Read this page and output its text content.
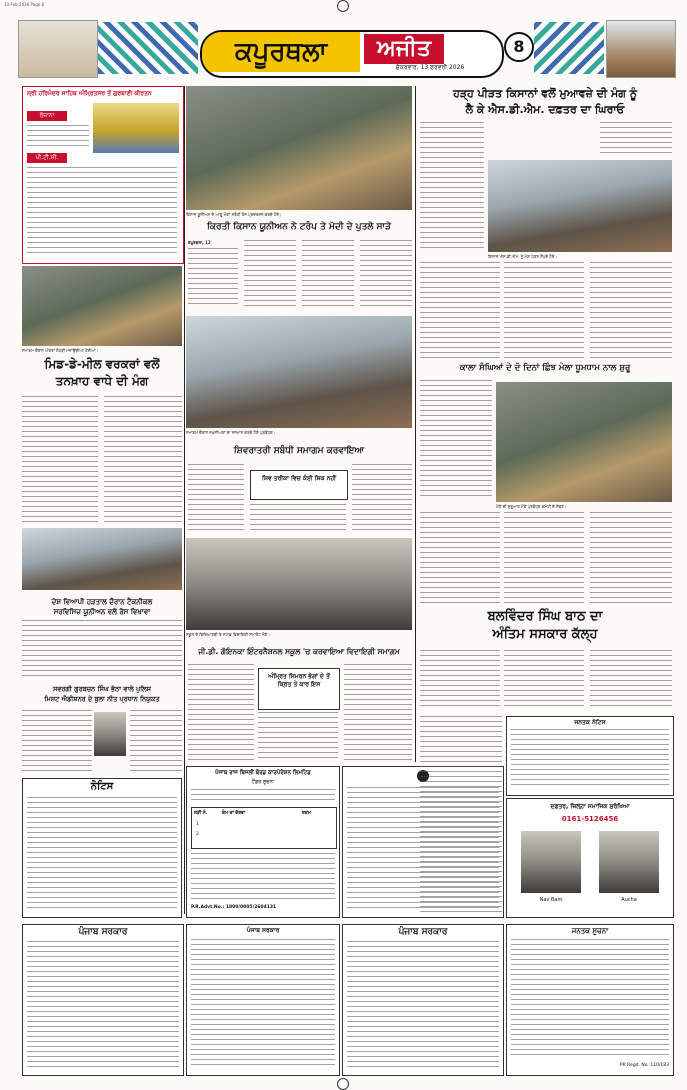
13-Feb-2026 Page 8
ਕਪੂਰਥਲਾ	ਅਜੀਤ
ਸ਼ੁੱਕਰਵਾਰ, 13 ਫਰਵਰੀ 2026
8
ਸ੍ਰੀ ਹਰਿਮੰਦਰ ਸਾਹਿਬ ਅੰਮ੍ਰਿਤਸਰ ਤੋਂ ਗੁਰਬਾਣੀ ਕੀਰਤਨ
ਰੋਜ਼ਾਨਾ
ਪੀ.ਟੀ.ਸੀ.
ਸਮਾਗਮ ਦੌਰਾਨ ਔਰਤਾਂ ਲੋਹੜੀ ਮਨਾਉਂਦੀਆਂ ਹੋਈਆਂ।
ਮਿਡ-ਡੇ-ਮੀਲ ਵਰਕਰਾਂ ਵਲੋਂ
ਤਨਖ਼ਾਹ ਵਾਧੇ ਦੀ ਮੰਗ
ਦੇਸ਼ ਵਿਆਪੀ ਹੜਤਾਲ ਦੌਰਾਨ ਟੈਕਨੀਕਲ
ਸਰਵਿਸਿਜ਼ ਯੂਨੀਅਨ ਵਲੋਂ ਰੋਸ ਵਿਖਾਵਾ
ਸਵਰਗੀ ਗੁਰਬਚਨ ਸਿੰਘ ਭੱਠਾ ਵਾਲੇ ਪੁਲਿਸ
ਮਿਸਟ ਐਡੀਸ਼ਨਰ ਦੇ ਬੁਲਾ ਨੀਤ ਪ੍ਰਧਾਨ ਨਿਯੁਕਤ
ਨੋਟਿਸ
ਕਿਸਾਨ ਯੂਨੀਅਨ ਦੇ ਆਗੂ ਮੰਗਾਂ ਸਬੰਧੀ ਰੋਸ ਪ੍ਰਦਰਸ਼ਨ ਕਰਦੇ ਹੋਏ।
ਕਿਰਤੀ ਕਿਸਾਨ ਯੂਨੀਅਨ ਨੇ ਟਰੰਪ ਤੇ ਮੋਦੀ ਦੇ ਪੁਤਲੇ ਸਾੜੇ
ਕਪੂਰਥਲਾ, 12
ਸਮਾਗਮ ਦੌਰਾਨ ਸ਼ਖ਼ਸੀਅਤਾਂ ਦਾ ਸਨਮਾਨ ਕਰਦੇ ਹੋਏ ਪ੍ਰਬੰਧਕ।
ਸ਼ਿਵਰਾਤਰੀ ਸਬੰਧੀ ਸਮਾਗਮ ਕਰਵਾਇਆ
ਸ਼ਿਵ ਤਰੀਕਾ ਵਿਚ ਕੋਈ ਸ਼ਿਕ ਨਹੀਂ
ਸਕੂਲ ਦੇ ਵਿਦਿਆਰਥੀ ਤੇ ਸਟਾਫ਼ ਵਿਦਾਇਗੀ ਸਮਾਰੋਹ ਮੌਕੇ।
ਜੀ.ਡੀ. ਗੋਇਨਕਾ ਇੰਟਰਨੈਸ਼ਨਲ ਸਕੂਲ 'ਚ ਕਰਵਾਇਆ ਵਿਦਾਇਗੀ ਸਮਾਗਮ
ਅੰਮ੍ਰਿਤ ਸਿਮਰਨ ਭੋਗਾਂ ਦੇ ਤੋਂ ਕ੍ਰਿਤ ਤੇ ਕਾਰ ਇਸ
ਪੰਜਾਬ ਰਾਜ ਬਿਜਲੀ ਬੋਰਡ ਕਾਰਪੋਰੇਸ਼ਨ ਲਿਮਟਿਡ
ਟੈਂਡਰ ਸੂਚਨਾ
ਲੜੀ ਨੰ.	ਕੰਮ ਦਾ ਵੇਰਵਾ	ਰਕਮ
1
2
P.R.Advt.No.: 1800/0005/2604131
ਪੰਜਾਬ ਸਰਕਾਰ	ਪੰਜਾਬ ਸਰਕਾਰ	ਪੰਜਾਬ ਸਰਕਾਰ
ਹੜ੍ਹ ਪੀੜਤ ਕਿਸਾਨਾਂ ਵਲੋਂ ਮੁਆਵਜ਼ੇ ਦੀ ਮੰਗ ਨੂੰ
ਲੈ ਕੇ ਐਸ.ਡੀ.ਐਮ. ਦਫ਼ਤਰ ਦਾ ਘਿਰਾਓ
ਕਿਸਾਨ ਐਸ.ਡੀ.ਐਮ. ਨੂੰ ਮੰਗ ਪੱਤਰ ਸੌਂਪਦੇ ਹੋਏ।
ਕਾਲਾ ਸੰਘਿਆਂ ਦੇ ਦੋ ਦਿਨਾਂ ਛਿੰਝ ਮੇਲਾ ਧੂਮਧਾਮ ਨਾਲ ਸ਼ੁਰੂ
ਮੇਲੇ ਦੀ ਸ਼ੁਰੂਆਤ ਮੌਕੇ ਪ੍ਰਬੰਧਕ ਕਮੇਟੀ ਦੇ ਮੈਂਬਰ।
ਬਲਵਿੰਦਰ ਸਿੰਘ ਬਾਠ ਦਾ
ਅੰਤਿਮ ਸਸਕਾਰ ਕੱਲ੍ਹ
ਜਨਤਕ ਨੋਟਿਸ
ਦਫ਼ਤਰ, ਜ਼ਿਲ੍ਹਾ ਸਮਾਜਿਕ ਸੁਰੱਖਿਆ
0161-5126456
Nav Bam	Aucha
ਜਨਤਕ ਸੂਚਨਾ
PR Regd. No. 110/183
